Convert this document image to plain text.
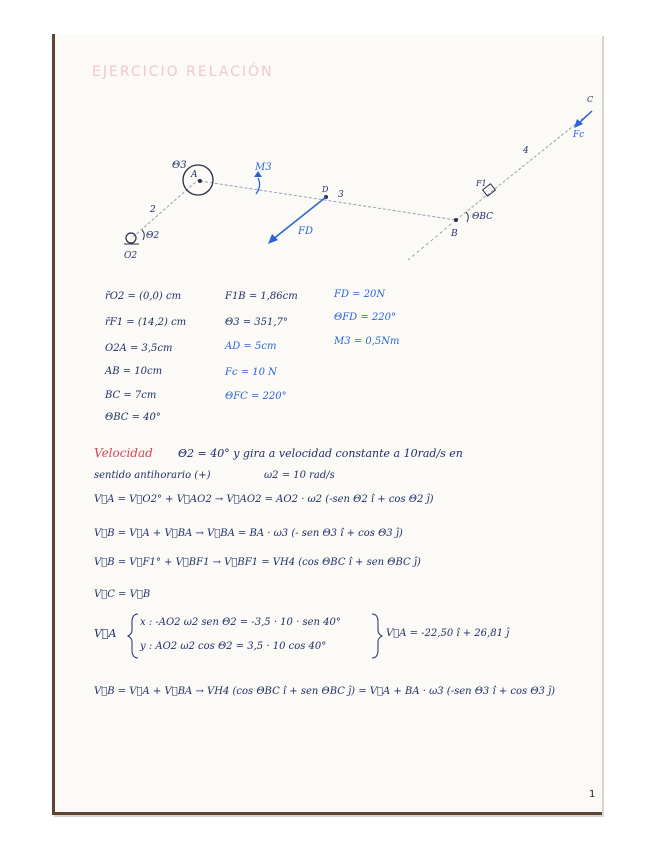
EJERCICIO RELACIÓN
Θ3
A
M3
D
3
2
Θ2
O2
FD
4
C
Fc
F1
ΘBC
B
r̄O2 = (0,0) cm
r̄F1 = (14,2) cm
O2A = 3,5cm
AB = 10cm
BC = 7cm
ΘBC = 40°
F1B = 1,86cm
Θ3 = 351,7°
AD = 5cm
Fc = 10 N
ΘFC = 220°
FD = 20N
ΘFD = 220°
M3 = 0,5Nm
Velocidad Θ2 = 40° y gira a velocidad constante a 10rad/s en
sentido antihorario (+)	ω2 = 10 rad/s
V⃗A = V⃗O2° + V⃗AO2 → V⃗AO2 = AO2 · ω2 (-sen Θ2 î + cos Θ2 ĵ)
V⃗B = V⃗A + V⃗BA → V⃗BA = BA · ω3 (- sen Θ3 î + cos Θ3 ĵ)
V⃗B = V⃗F1° + V⃗BF1 → V⃗BF1 = VH4 (cos ΘBC î + sen ΘBC ĵ)
V⃗C = V⃗B
V⃗A
x : -AO2 ω2 sen Θ2 = -3,5 · 10 · sen 40°
y : AO2 ω2 cos Θ2 = 3,5 · 10 cos 40°
V⃗A = -22,50 î + 26,81 ĵ
V⃗B = V⃗A + V⃗BA → VH4 (cos ΘBC î + sen ΘBC ĵ) = V⃗A + BA · ω3 (-sen Θ3 î + cos Θ3 ĵ)
1
